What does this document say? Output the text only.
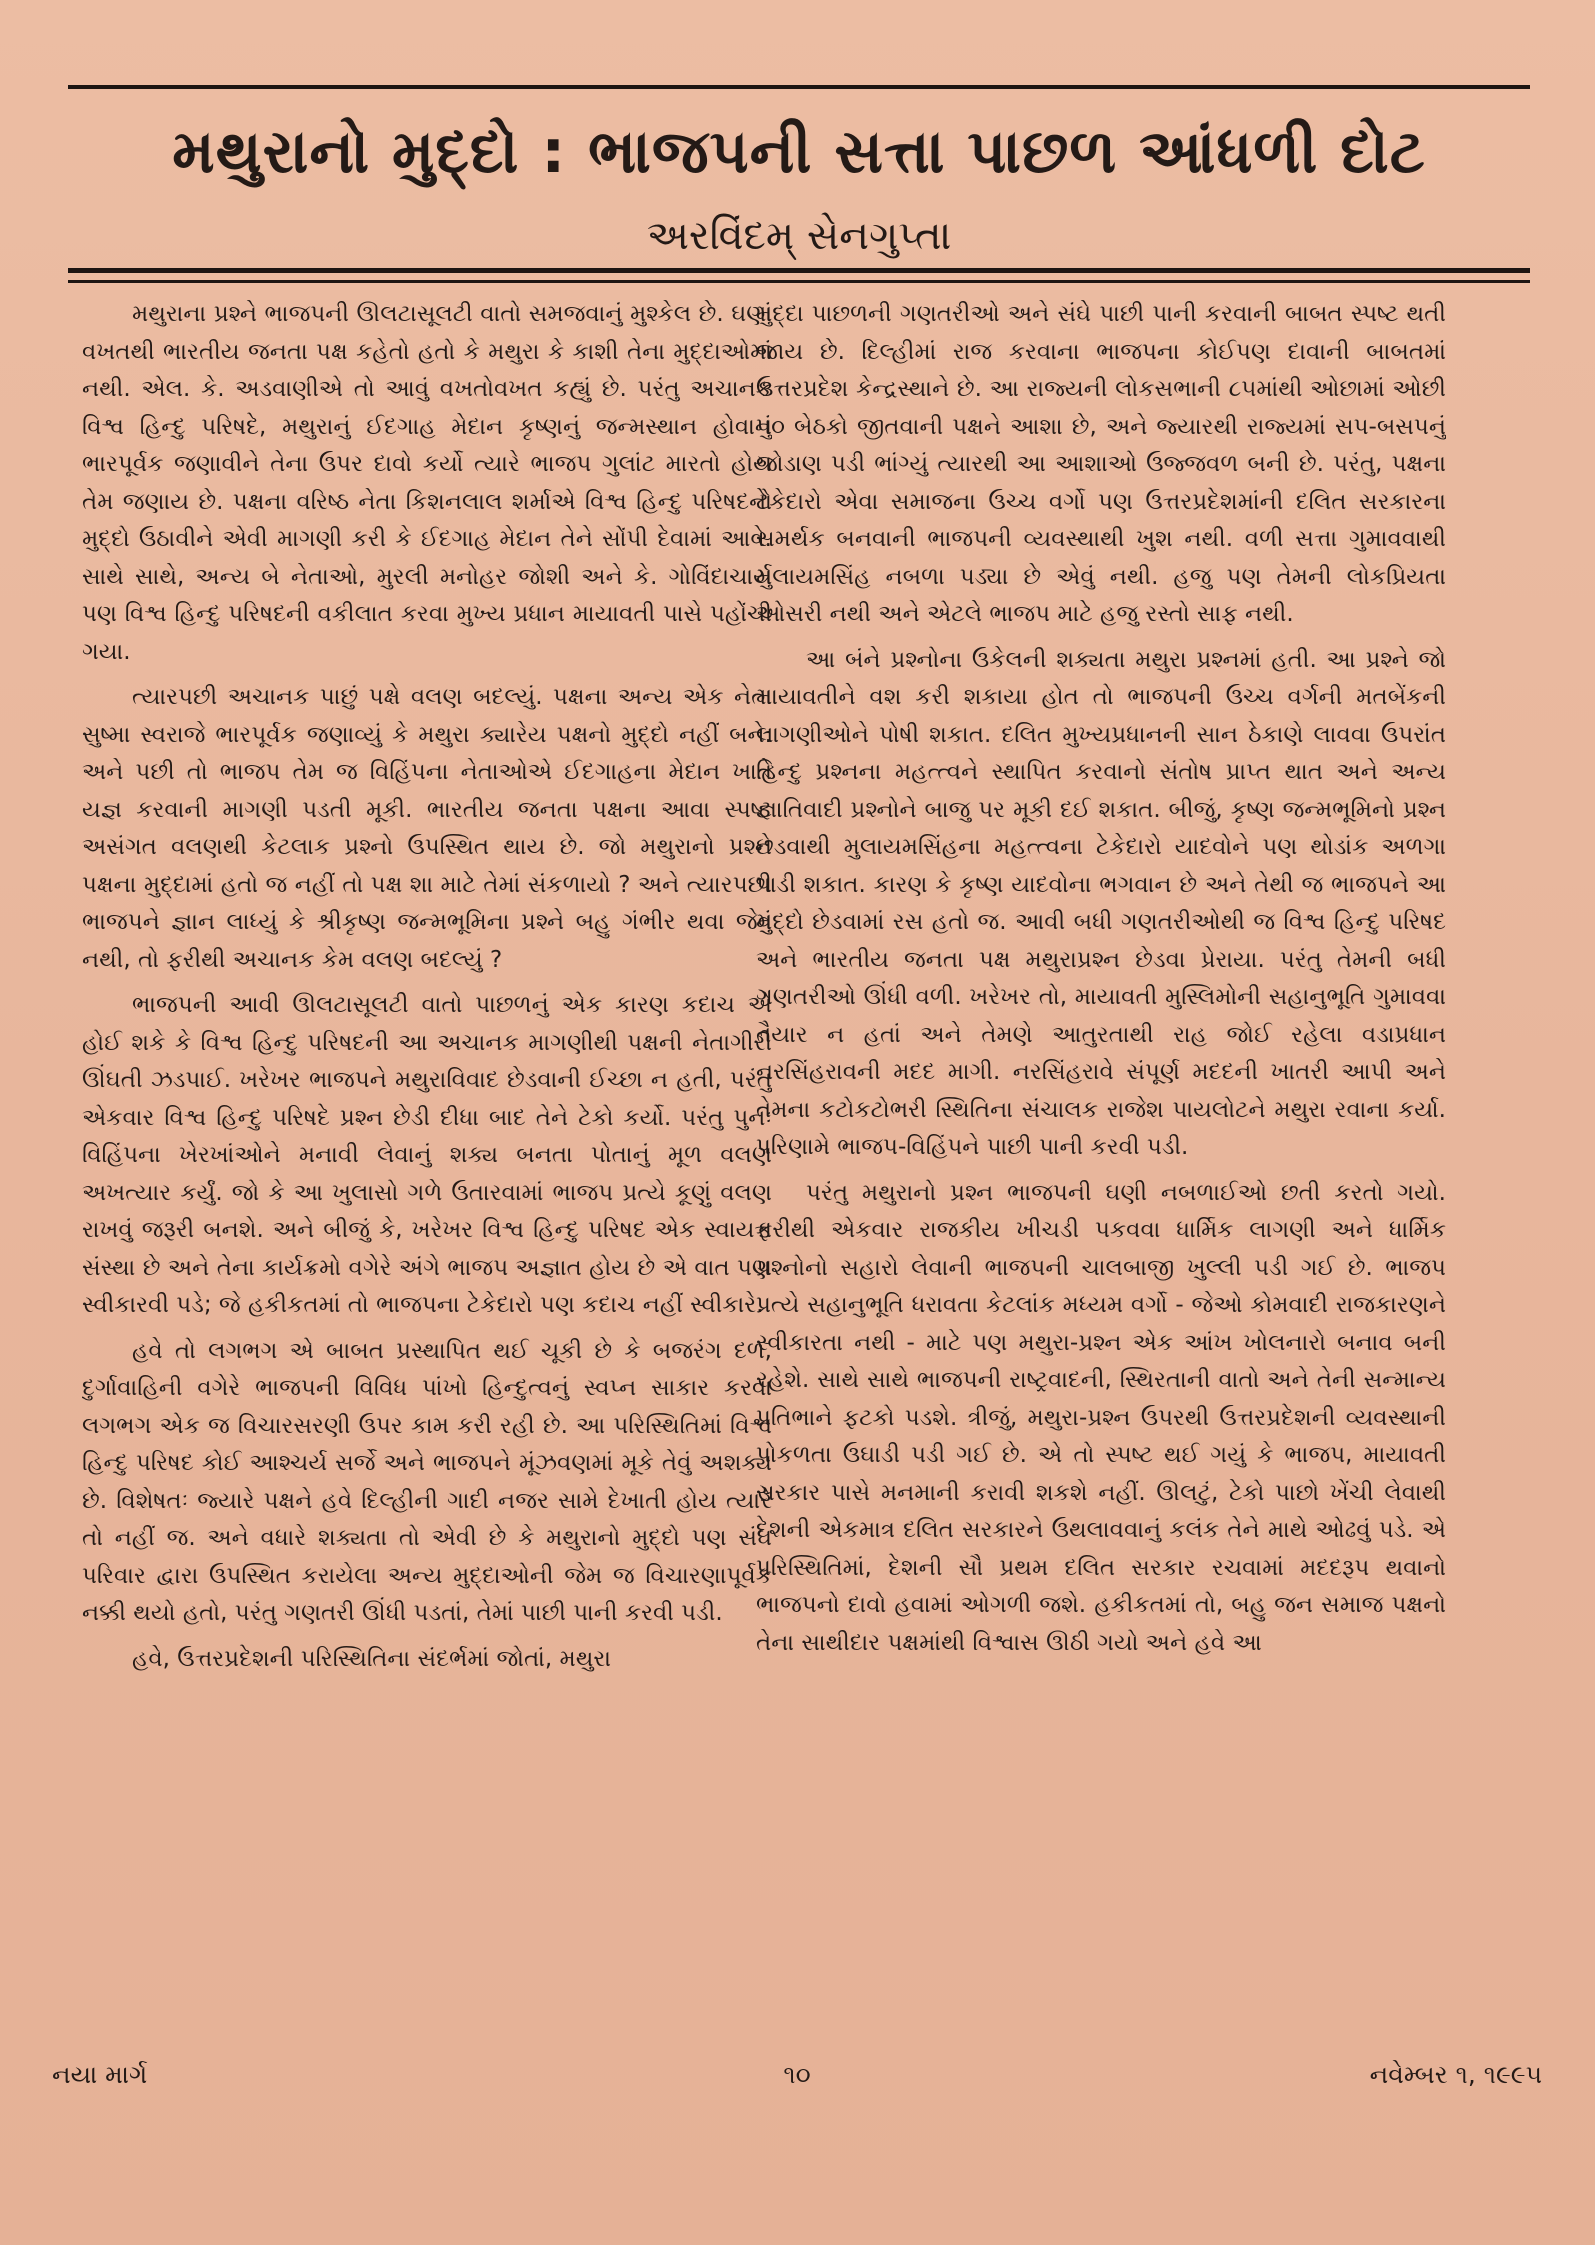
મથુરાનો મુદ્દો : ભાજપની સત્તા પાછળ આંધળી દોટ
અરવિંદમ્ સેનગુપ્તા

મથુરાના પ્રશ્ને ભાજપની ઊલટાસૂલટી વાતો સમજવાનું મુશ્કેલ છે. ઘણાં વખતથી ભારતીય જનતા પક્ષ કહેતો હતો કે મથુરા કે કાશી તેના મુદ્દાઓમાં નથી. એલ. કે. અડવાણીએ તો આવું વખતોવખત કહ્યું છે. પરંતુ અચાનક વિશ્વ હિન્દુ પરિષદે, મથુરાનું ઈદગાહ મેદાન કૃષ્ણનું જન્મસ્થાન હોવાનું ભારપૂર્વક જણાવીને તેના ઉપર દાવો કર્યો ત્યારે ભાજપ ગુલાંટ મારતો હોય તેમ જણાય છે. પક્ષના વરિષ્ઠ નેતા કિશનલાલ શર્માએ વિશ્વ હિન્દુ પરિષદનો મુદ્દો ઉઠાવીને એવી માગણી કરી કે ઈદગાહ મેદાન તેને સોંપી દેવામાં આવે. સાથે સાથે, અન્ય બે નેતાઓ, મુરલી મનોહર જોશી અને કે. ગોવિંદાચાર્ય પણ વિશ્વ હિન્દુ પરિષદની વકીલાત કરવા મુખ્ય પ્રધાન માયાવતી પાસે પહોંચી ગયા.

ત્યારપછી અચાનક પાછું પક્ષે વલણ બદલ્યું. પક્ષના અન્ય એક નેતા સુષ્મા સ્વરાજે ભારપૂર્વક જણાવ્યું કે મથુરા ક્યારેય પક્ષનો મુદ્દો નહીં બને. અને પછી તો ભાજપ તેમ જ વિહિંપના નેતાઓએ ઈદગાહના મેદાન ખાતે યજ્ઞ કરવાની માગણી પડતી મૂકી. ભારતીય જનતા પક્ષના આવા સ્પષ્ટ અસંગત વલણથી કેટલાક પ્રશ્નો ઉપસ્થિત થાય છે. જો મથુરાનો પ્રશ્ન પક્ષના મુદ્દામાં હતો જ નહીં તો પક્ષ શા માટે તેમાં સંકળાયો ? અને ત્યારપછી ભાજપને જ્ઞાન લાધ્યું કે શ્રીકૃષ્ણ જન્મભૂમિના પ્રશ્ને બહુ ગંભીર થવા જેવું નથી, તો ફરીથી અચાનક કેમ વલણ બદલ્યું ?

ભાજપની આવી ઊલટાસૂલટી વાતો પાછળનું એક કારણ કદાચ એ હોઈ શકે કે વિશ્વ હિન્દુ પરિષદની આ અચાનક માગણીથી પક્ષની નેતાગીરી ઊંઘતી ઝડપાઈ. ખરેખર ભાજપને મથુરાવિવાદ છેડવાની ઈચ્છા ન હતી, પરંતુ એકવાર વિશ્વ હિન્દુ પરિષદે પ્રશ્ન છેડી દીધા બાદ તેને ટેકો કર્યો. પરંતુ પુનઃ વિહિંપના ખેરખાંઓને મનાવી લેવાનું શક્ય બનતા પોતાનું મૂળ વલણ અખત્યાર કર્યું. જો કે આ ખુલાસો ગળે ઉતારવામાં ભાજપ પ્રત્યે કૂણું વલણ રાખવું જરૂરી બનશે. અને બીજું કે, ખરેખર વિશ્વ હિન્દુ પરિષદ એક સ્વાયત્ત સંસ્થા છે અને તેના કાર્યક્રમો વગેરે અંગે ભાજપ અજ્ઞાત હોય છે એ વાત પણ સ્વીકારવી પડે; જે હકીકતમાં તો ભાજપના ટેકેદારો પણ કદાચ નહીં સ્વીકારે.

હવે તો લગભગ એ બાબત પ્રસ્થાપિત થઈ ચૂકી છે કે બજરંગ દળ, દુર્ગાવાહિની વગેરે ભાજપની વિવિધ પાંખો હિન્દુત્વનું સ્વપ્ન સાકાર કરવા લગભગ એક જ વિચારસરણી ઉપર કામ કરી રહી છે. આ પરિસ્થિતિમાં વિશ્વ હિન્દુ પરિષદ કોઈ આશ્ચર્ય સર્જે અને ભાજપને મૂંઝવણમાં મૂકે તેવું અશક્ય છે. વિશેષતઃ જ્યારે પક્ષને હવે દિલ્હીની ગાદી નજર સામે દેખાતી હોય ત્યારે તો નહીં જ. અને વધારે શક્યતા તો એવી છે કે મથુરાનો મુદ્દો પણ સંઘ પરિવાર દ્વારા ઉપસ્થિત કરાયેલા અન્ય મુદ્દાઓની જેમ જ વિચારણાપૂર્વક નક્કી થયો હતો, પરંતુ ગણતરી ઊંધી પડતાં, તેમાં પાછી પાની કરવી પડી.

હવે, ઉત્તરપ્રદેશની પરિસ્થિતિના સંદર્ભમાં જોતાં, મથુરા

મુદ્દા પાછળની ગણતરીઓ અને સંઘે પાછી પાની કરવાની બાબત સ્પષ્ટ થતી જાય છે. દિલ્હીમાં રાજ કરવાના ભાજપના કોઈપણ દાવાની બાબતમાં ઉત્તરપ્રદેશ કેન્દ્રસ્થાને છે. આ રાજ્યની લોકસભાની ૮૫માંથી ઓછામાં ઓછી ૫૦ બેઠકો જીતવાની પક્ષને આશા છે, અને જ્યારથી રાજ્યમાં સપ-બસપનું જોડાણ પડી ભાંગ્યું ત્યારથી આ આશાઓ ઉજ્જવળ બની છે. પરંતુ, પક્ષના ટેકેદારો એવા સમાજના ઉચ્ચ વર્ગો પણ ઉત્તરપ્રદેશમાંની દલિત સરકારના સમર્થક બનવાની ભાજપની વ્યવસ્થાથી ખુશ નથી. વળી સત્તા ગુમાવવાથી મુલાયમસિંહ નબળા પડ્યા છે એવું નથી. હજુ પણ તેમની લોકપ્રિયતા ઓસરી નથી અને એટલે ભાજપ માટે હજુ રસ્તો સાફ નથી.

આ બંને પ્રશ્નોના ઉકેલની શક્યતા મથુરા પ્રશ્નમાં હતી. આ પ્રશ્ને જો માયાવતીને વશ કરી શકાયા હોત તો ભાજપની ઉચ્ચ વર્ગની મતબેંકની લાગણીઓને પોષી શકાત. દલિત મુખ્યપ્રધાનની સાન ઠેકાણે લાવવા ઉપરાંત હિન્દુ પ્રશ્નના મહત્ત્વને સ્થાપિત કરવાનો સંતોષ પ્રાપ્ત થાત અને અન્ય જ્ઞાતિવાદી પ્રશ્નોને બાજુ પર મૂકી દઈ શકાત. બીજું, કૃષ્ણ જન્મભૂમિનો પ્રશ્ન છેડવાથી મુલાયમસિંહના મહત્ત્વના ટેકેદારો યાદવોને પણ થોડાંક અળગા પાડી શકાત. કારણ કે કૃષ્ણ યાદવોના ભગવાન છે અને તેથી જ ભાજપને આ મુદ્દો છેડવામાં રસ હતો જ. આવી બધી ગણતરીઓથી જ વિશ્વ હિન્દુ પરિષદ અને ભારતીય જનતા પક્ષ મથુરાપ્રશ્ન છેડવા પ્રેરાયા. પરંતુ તેમની બધી ગણતરીઓ ઊંધી વળી. ખરેખર તો, માયાવતી મુસ્લિમોની સહાનુભૂતિ ગુમાવવા તૈયાર ન હતાં અને તેમણે આતુરતાથી રાહ જોઈ રહેલા વડાપ્રધાન નરસિંહરાવની મદદ માગી. નરસિંહરાવે સંપૂર્ણ મદદની ખાતરી આપી અને તેમના કટોકટોભરી સ્થિતિના સંચાલક રાજેશ પાયલોટને મથુરા રવાના કર્યા. પરિણામે ભાજપ-વિહિંપને પાછી પાની કરવી પડી.

પરંતુ મથુરાનો પ્રશ્ન ભાજપની ઘણી નબળાઈઓ છતી કરતો ગયો. ફરીથી એકવાર રાજકીય ખીચડી પકવવા ધાર્મિક લાગણી અને ધાર્મિક પ્રશ્નોનો સહારો લેવાની ભાજપની ચાલબાજી ખુલ્લી પડી ગઈ છે. ભાજપ પ્રત્યે સહાનુભૂતિ ધરાવતા કેટલાંક મધ્યમ વર્ગો - જેઓ કોમવાદી રાજકારણને સ્વીકારતા નથી - માટે પણ મથુરા-પ્રશ્ન એક આંખ ખોલનારો બનાવ બની રહેશે. સાથે સાથે ભાજપની રાષ્ટ્રવાદની, સ્થિરતાની વાતો અને તેની સન્માન્ય પ્રતિભાને ફટકો પડશે. ત્રીજું, મથુરા-પ્રશ્ન ઉપરથી ઉત્તરપ્રદેશની વ્યવસ્થાની પોકળતા ઉઘાડી પડી ગઈ છે. એ તો સ્પષ્ટ થઈ ગયું કે ભાજપ, માયાવતી સરકાર પાસે મનમાની કરાવી શકશે નહીં. ઊલટું, ટેકો પાછો ખેંચી લેવાથી દેશની એકમાત્ર દલિત સરકારને ઉથલાવવાનું કલંક તેને માથે ઓઢવું પડે. એ પરિસ્થિતિમાં, દેશની સૌ પ્રથમ દલિત સરકાર રચવામાં મદદરૂપ થવાનો ભાજપનો દાવો હવામાં ઓગળી જશે. હકીકતમાં તો, બહુ જન સમાજ પક્ષનો તેના સાથીદાર પક્ષમાંથી વિશ્વાસ ઊઠી ગયો અને હવે આ

નયા માર્ગ	૧૦	નવેમ્બર ૧, ૧૯૯૫
